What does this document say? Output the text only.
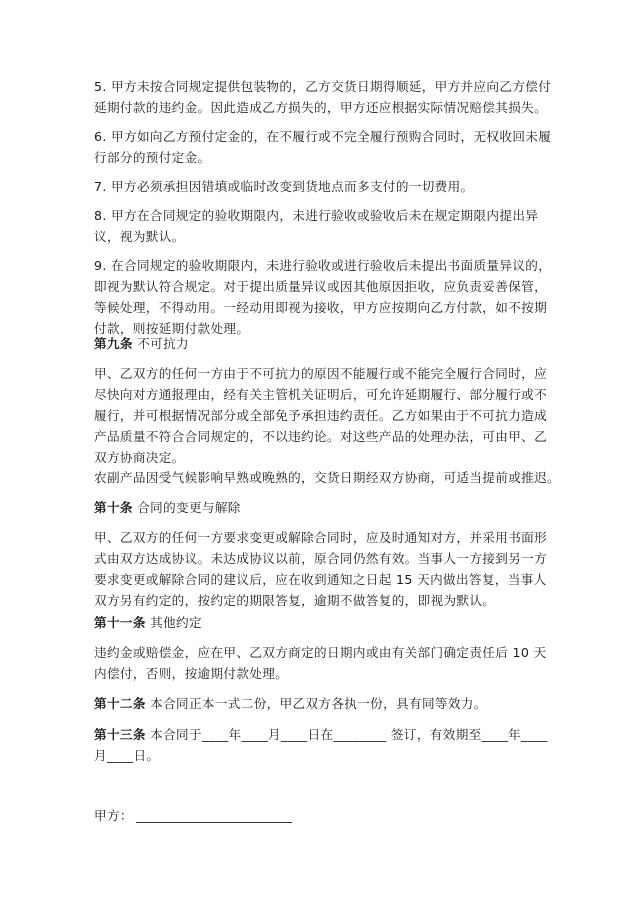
5. 甲方未按合同规定提供包装物的，乙方交货日期得顺延，甲方并应向乙方偿付
延期付款的违约金。因此造成乙方损失的，甲方还应根据实际情况赔偿其损失。
6. 甲方如向乙方预付定金的，在不履行或不完全履行预购合同时，无权收回未履
行部分的预付定金。
7. 甲方必须承担因错填或临时改变到货地点而多支付的一切费用。
8. 甲方在合同规定的验收期限内，未进行验收或验收后未在规定期限内提出异
议，视为默认。
9. 在合同规定的验收期限内，未进行验收或进行验收后未提出书面质量异议的，
即视为默认符合规定。对于提出质量异议或因其他原因拒收，应负责妥善保管，
等候处理，不得动用。一经动用即视为接收，甲方应按期向乙方付款，如不按期
付款，则按延期付款处理。
第九条 不可抗力
甲、乙双方的任何一方由于不可抗力的原因不能履行或不能完全履行合同时，应
尽快向对方通报理由，经有关主管机关证明后，可允许延期履行、部分履行或不
履行，并可根据情况部分或全部免予承担违约责任。乙方如果由于不可抗力造成
产品质量不符合合同规定的，不以违约论。对这些产品的处理办法，可由甲、乙
双方协商决定。
农副产品因受气候影响早熟或晚熟的，交货日期经双方协商，可适当提前或推迟。
第十条 合同的变更与解除
甲、乙双方的任何一方要求变更或解除合同时，应及时通知对方，并采用书面形
式由双方达成协议。未达成协议以前，原合同仍然有效。当事人一方接到另一方
要求变更或解除合同的建议后，应在收到通知之日起 15 天内做出答复，当事人
双方另有约定的，按约定的期限答复，逾期不做答复的，即视为默认。
第十一条 其他约定
违约金或赔偿金，应在甲、乙双方商定的日期内或由有关部门确定责任后 10 天
内偿付，否则，按逾期付款处理。
第十二条 本合同正本一式二份，甲乙双方各执一份，具有同等效力。
第十三条 本合同于____年____月____日在________ 签订，有效期至____年____
月____日。
甲方：
